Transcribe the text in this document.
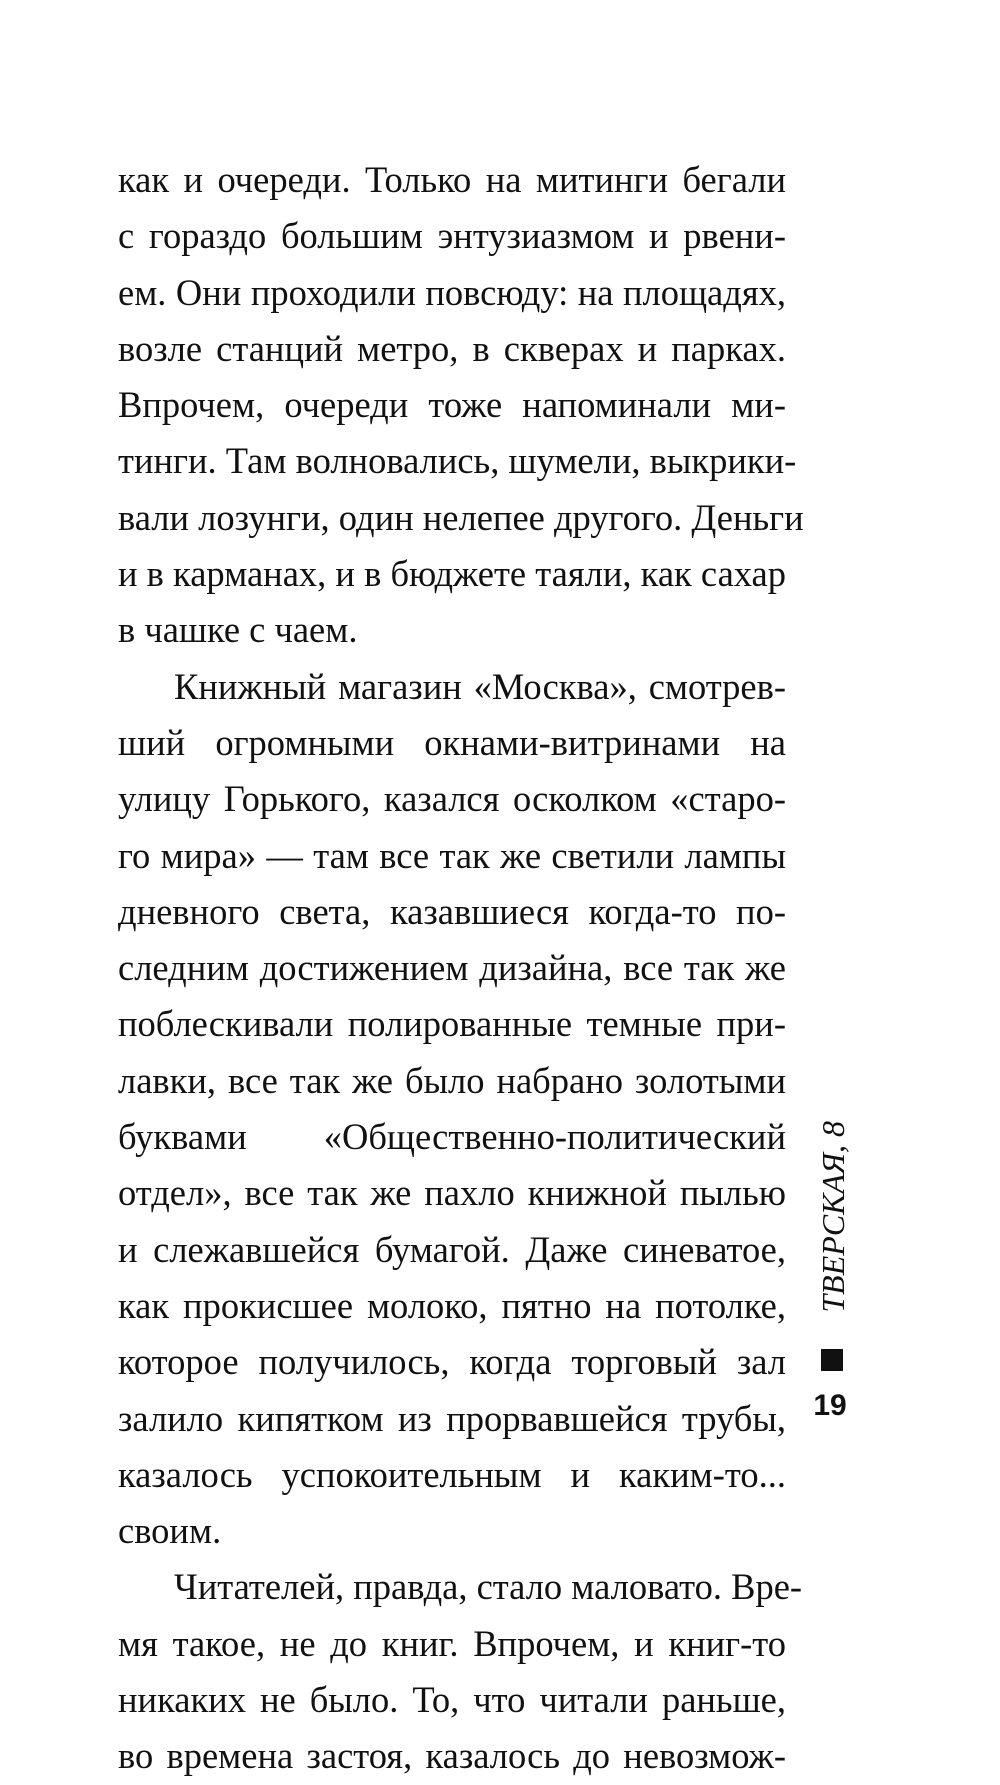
как и очереди. Только на митинги бегали
с гораздо большим энтузиазмом и рвени-
ем. Они проходили повсюду: на площадях,
возле станций метро, в скверах и парках.
Впрочем, очереди тоже напоминали ми-
тинги. Там волновались, шумели, выкрики-
вали лозунги, один нелепее другого. Деньги
и в карманах, и в бюджете таяли, как сахар
в чашке с чаем.
Книжный магазин «Москва», смотрев-
ший огромными окнами-витринами на
улицу Горького, казался осколком «старо-
го мира» — там все так же светили лампы
дневного света, казавшиеся когда-то по-
следним достижением дизайна, все так же
поблескивали полированные темные при-
лавки, все так же было набрано золотыми
буквами «Общественно-политический
отдел», все так же пахло книжной пылью
и слежавшейся бумагой. Даже синеватое,
как прокисшее молоко, пятно на потолке,
которое получилось, когда торговый зал
залило кипятком из прорвавшейся трубы,
казалось успокоительным и каким-то...
своим.
Читателей, правда, стало маловато. Вре-
мя такое, не до книг. Впрочем, и книг-то
никаких не было. То, что читали раньше,
во времена застоя, казалось до невозмож-
ТВЕРСКАЯ, 8
19
